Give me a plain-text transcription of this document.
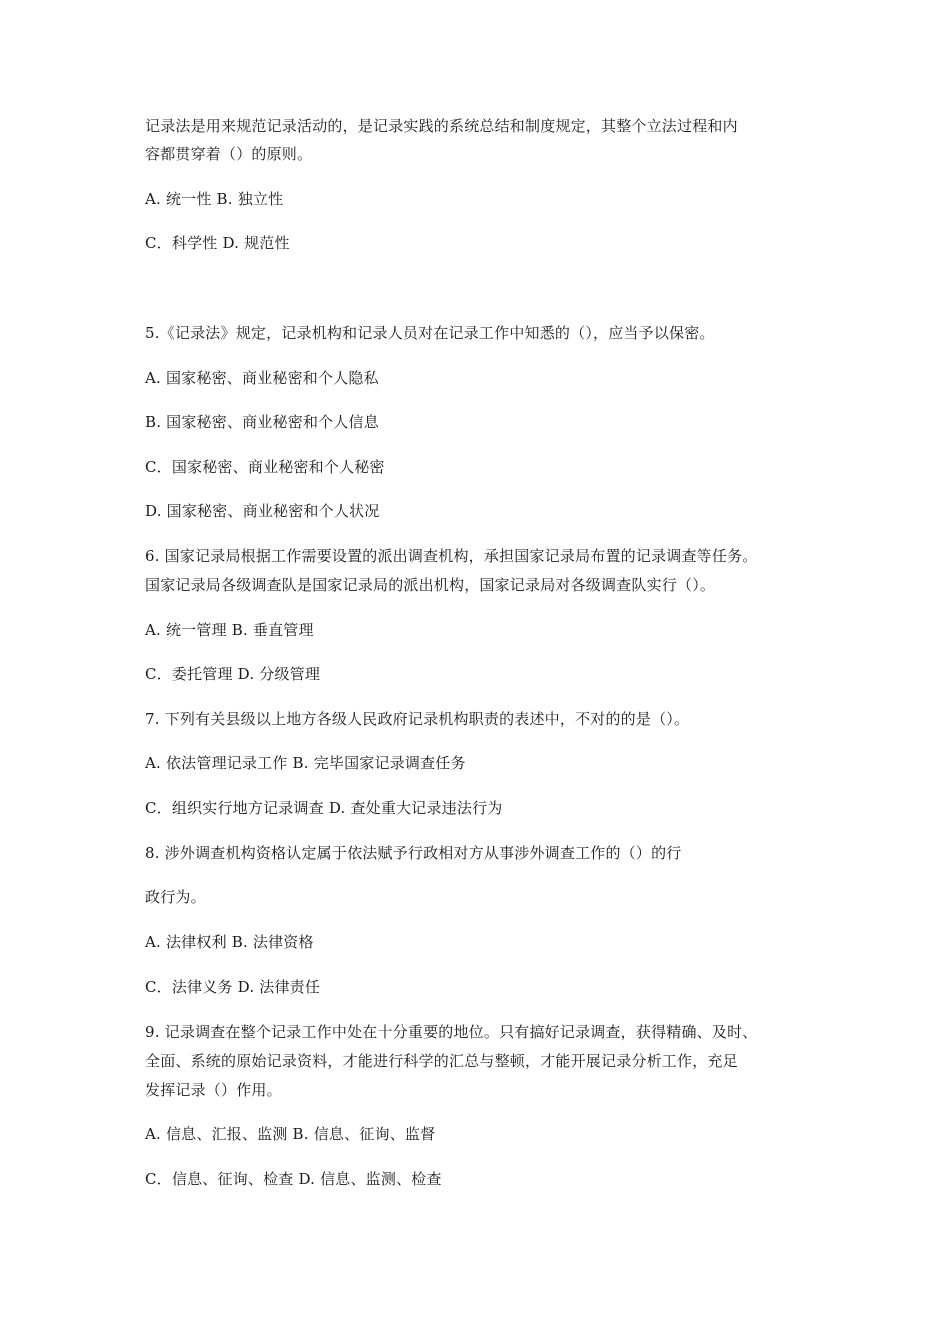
记录法是用来规范记录活动的，是记录实践的系统总结和制度规定，其整个立法过程和内
容都贯穿着（）的原则。
A. 统一性 B. 独立性
C．科学性 D. 规范性
5.《记录法》规定，记录机构和记录人员对在记录工作中知悉的（），应当予以保密。
A. 国家秘密、商业秘密和个人隐私
B. 国家秘密、商业秘密和个人信息
C．国家秘密、商业秘密和个人秘密
D. 国家秘密、商业秘密和个人状况
6. 国家记录局根据工作需要设置的派出调查机构，承担国家记录局布置的记录调查等任务。
国家记录局各级调查队是国家记录局的派出机构，国家记录局对各级调查队实行（）。
A. 统一管理 B. 垂直管理
C．委托管理 D. 分级管理
7. 下列有关县级以上地方各级人民政府记录机构职责的表述中，不对的的是（）。
A. 依法管理记录工作 B. 完毕国家记录调查任务
C．组织实行地方记录调查 D. 查处重大记录违法行为
8. 涉外调查机构资格认定属于依法赋予行政相对方从事涉外调查工作的（）的行
政行为。
A. 法律权利 B. 法律资格
C．法律义务 D. 法律责任
9. 记录调查在整个记录工作中处在十分重要的地位。只有搞好记录调查，获得精确、及时、
全面、系统的原始记录资料，才能进行科学的汇总与整顿，才能开展记录分析工作，充足
发挥记录（）作用。
A. 信息、汇报、监测 B. 信息、征询、监督
C．信息、征询、检查 D. 信息、监测、检查
